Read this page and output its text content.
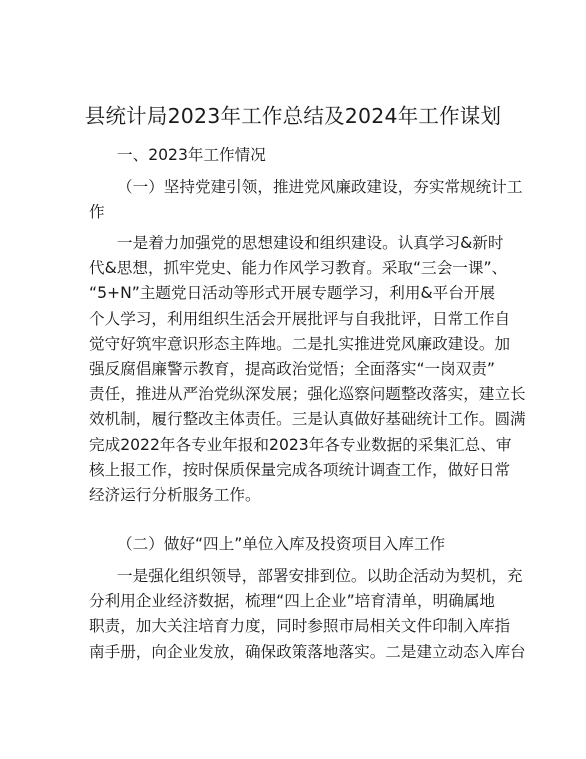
县统计局2023年工作总结及2024年工作谋划
一、2023年工作情况
（一）坚持党建引领，推进党风廉政建设，夯实常规统计工
作
一是着力加强党的思想建设和组织建设。认真学习&新时
代&思想，抓牢党史、能力作风学习教育。采取“三会一课”、
“5+N”主题党日活动等形式开展专题学习，利用&平台开展
个人学习，利用组织生活会开展批评与自我批评，日常工作自
觉守好筑牢意识形态主阵地。二是扎实推进党风廉政建设。加
强反腐倡廉警示教育，提高政治觉悟；全面落实“一岗双责”
责任，推进从严治党纵深发展；强化巡察问题整改落实，建立长
效机制，履行整改主体责任。三是认真做好基础统计工作。圆满
完成2022年各专业年报和2023年各专业数据的采集汇总、审
核上报工作，按时保质保量完成各项统计调查工作，做好日常
经济运行分析服务工作。
（二）做好“四上”单位入库及投资项目入库工作
一是强化组织领导，部署安排到位。以助企活动为契机，充
分利用企业经济数据，梳理“四上企业”培育清单，明确属地
职责，加大关注培育力度，同时参照市局相关文件印制入库指
南手册，向企业发放，确保政策落地落实。二是建立动态入库台
